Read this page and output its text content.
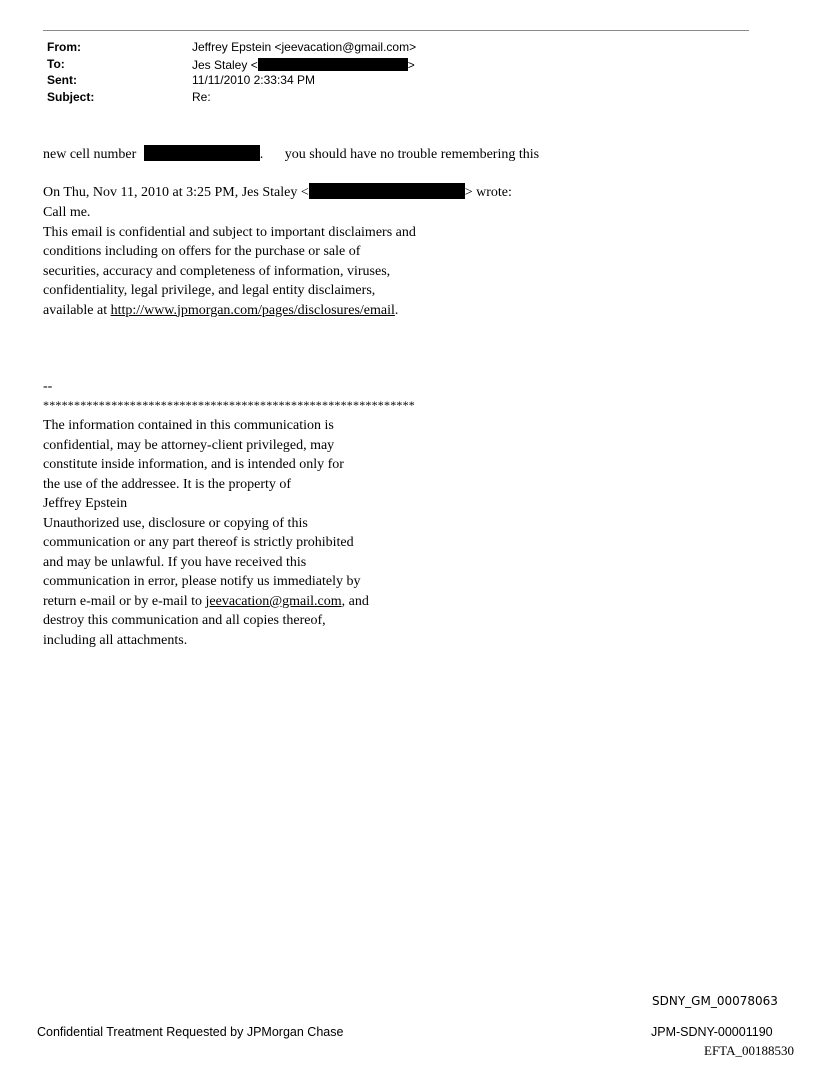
From:	Jeffrey Epstein <jeevacation@gmail.com>
To:	Jes Staley <	>
Sent:	11/11/2010 2:33:34 PM
Subject:	Re:
new cell number	. you should have no trouble remembering this
On Thu, Nov 11, 2010 at 3:25 PM, Jes Staley <	> wrote:
Call me.
This email is confidential and subject to important disclaimers and
conditions including on offers for the purchase or sale of
securities, accuracy and completeness of information, viruses,
confidentiality, legal privilege, and legal entity disclaimers,
available at http://www.jpmorgan.com/pages/disclosures/email.
--
************************************************************
The information contained in this communication is
confidential, may be attorney-client privileged, may
constitute inside information, and is intended only for
the use of the addressee. It is the property of
Jeffrey Epstein
Unauthorized use, disclosure or copying of this
communication or any part thereof is strictly prohibited
and may be unlawful. If you have received this
communication in error, please notify us immediately by
return e-mail or by e-mail to jeevacation@gmail.com, and
destroy this communication and all copies thereof,
including all attachments.
SDNY_GM_00078063
Confidential Treatment Requested by JPMorgan Chase	JPM-SDNY-00001190
EFTA_00188530
